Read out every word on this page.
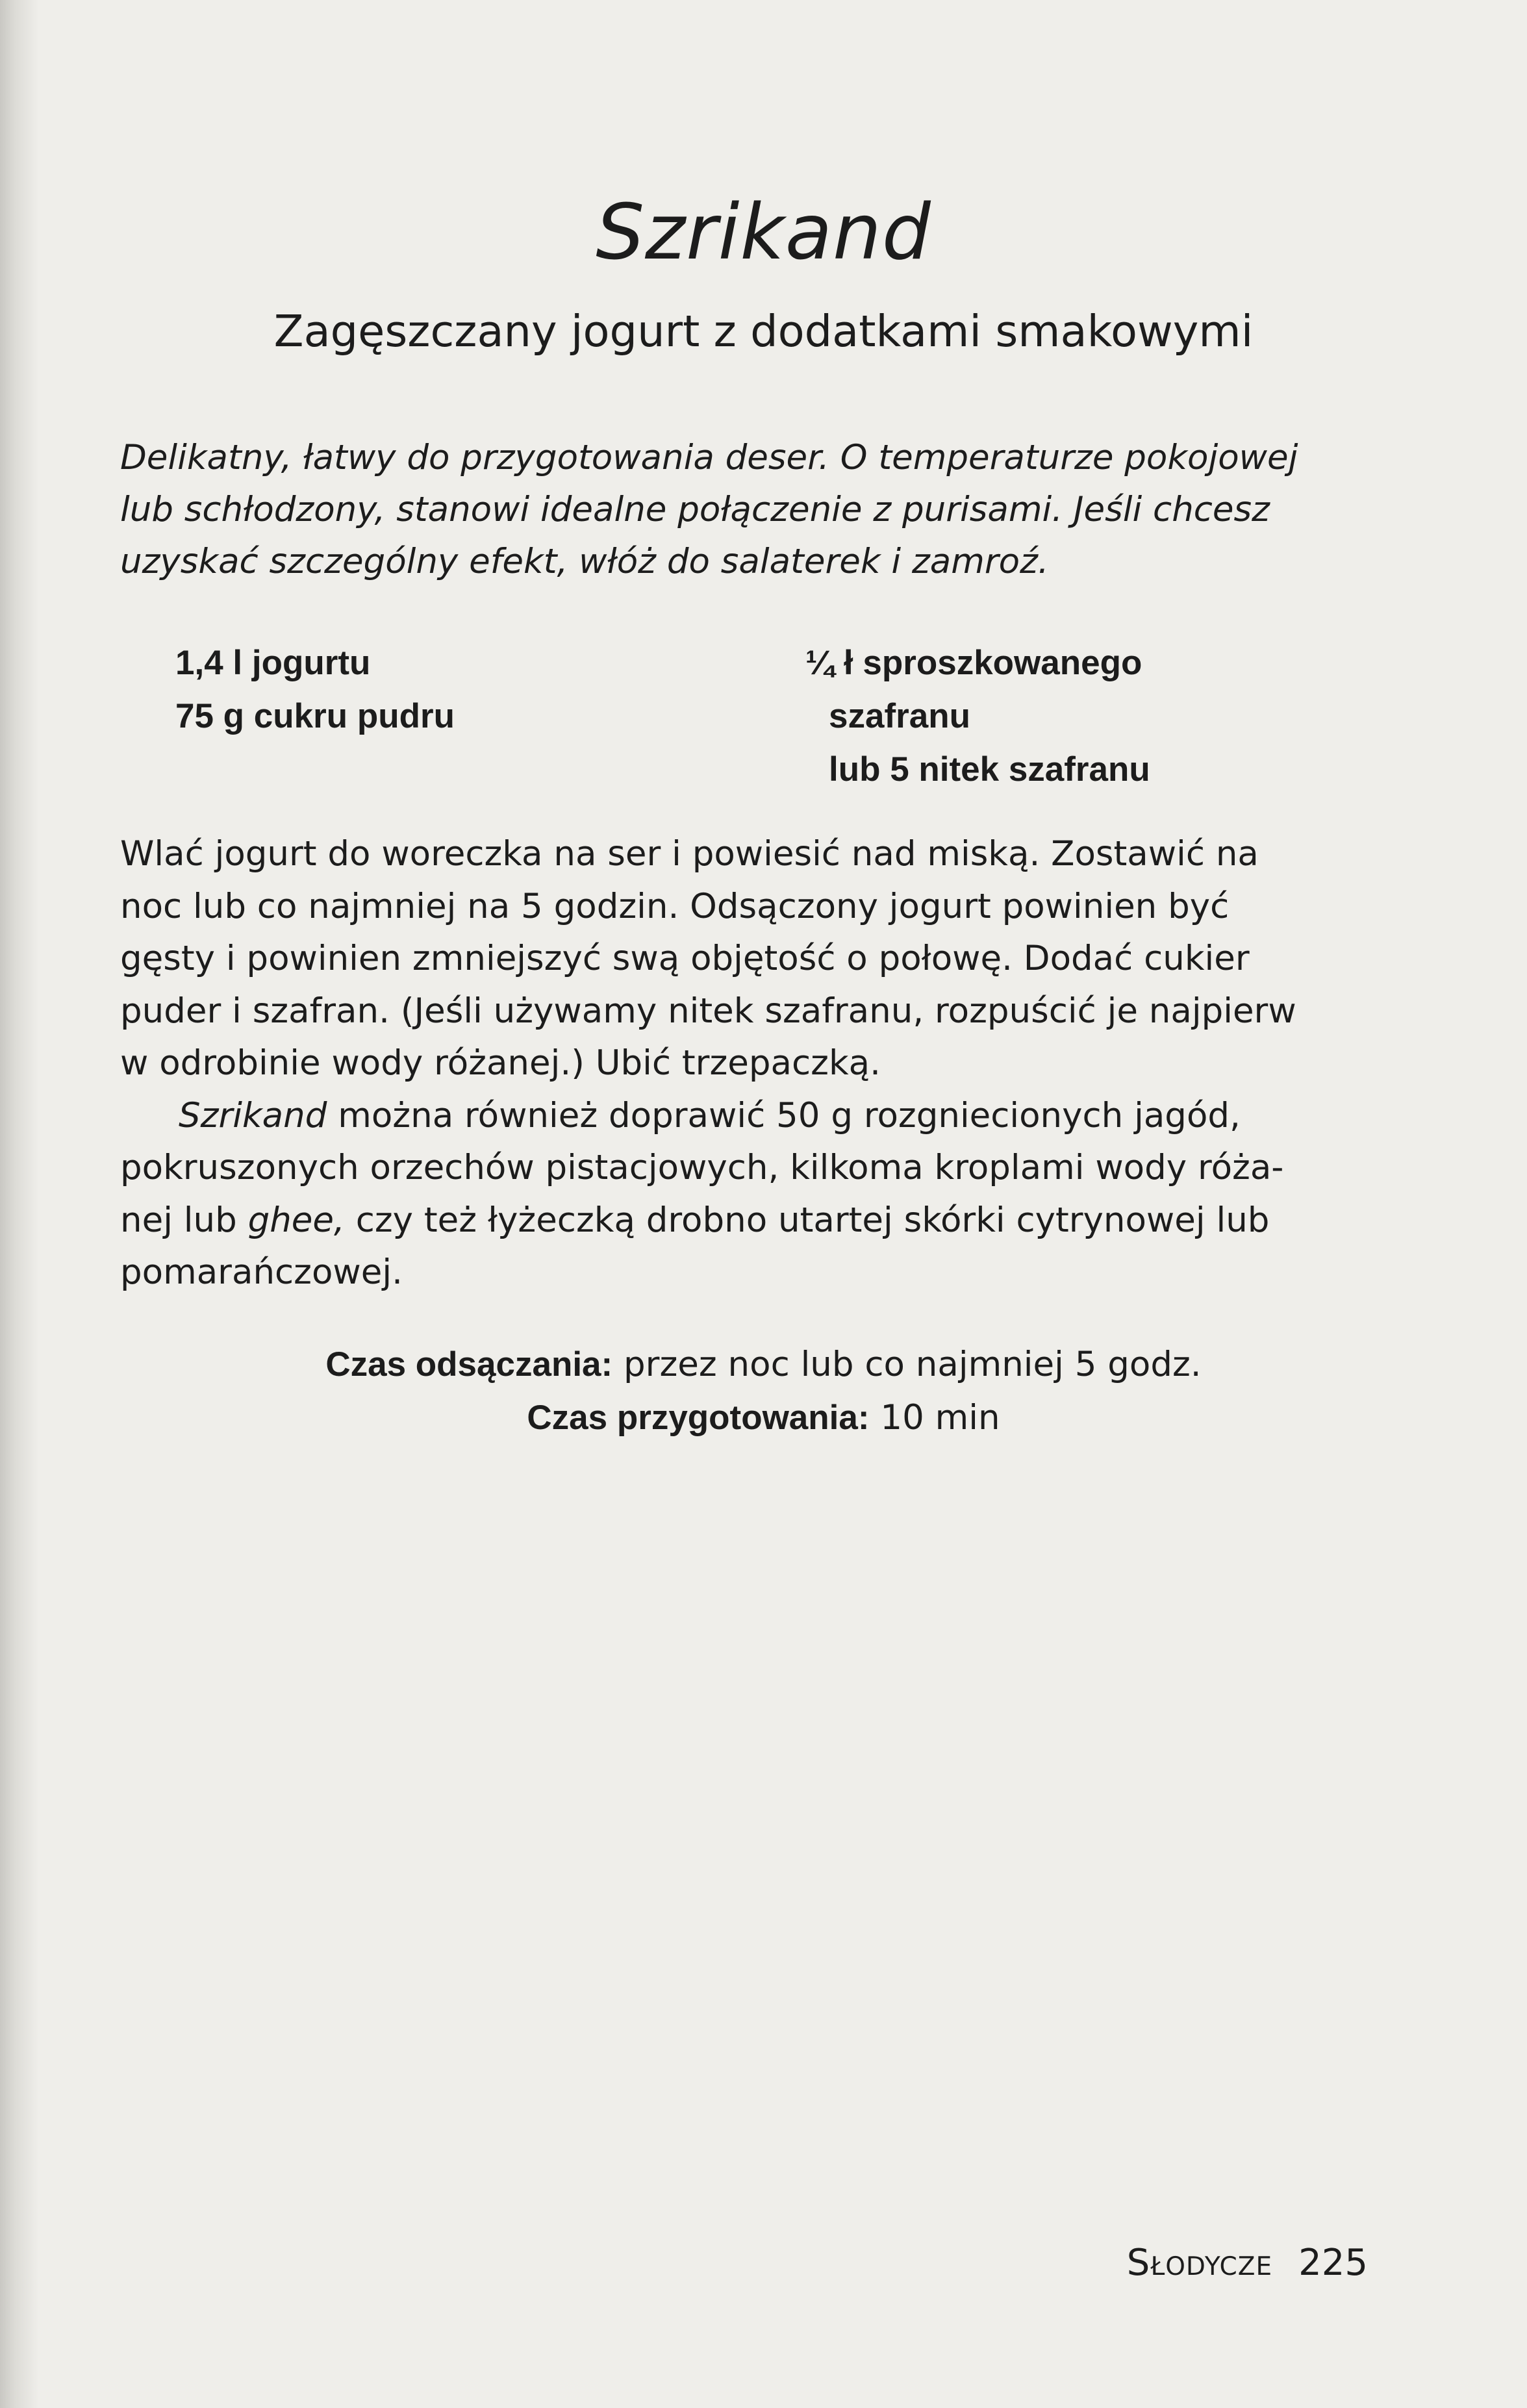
Szrikand
Zagęszczany jogurt z dodatkami smakowymi

Delikatny, łatwy do przygotowania deser. O temperaturze pokojowej
lub schłodzony, stanowi idealne połączenie z purisami. Jeśli chcesz
uzyskać szczególny efekt, włóż do salaterek i zamroź.

1,4 l jogurtu
75 g cukru pudru
¼ ł sproszkowanego
szafranu
lub 5 nitek szafranu
Wlać jogurt do woreczka na ser i powiesić nad miską. Zostawić na
noc lub co najmniej na 5 godzin. Odsączony jogurt powinien być
gęsty i powinien zmniejszyć swą objętość o połowę. Dodać cukier
puder i szafran. (Jeśli używamy nitek szafranu, rozpuścić je najpierw
w odrobinie wody różanej.) Ubić trzepaczką.
Szrikand można również doprawić 50 g rozgniecionych jagód,
pokruszonych orzechów pistacjowych, kilkoma kroplami wody róża-
nej lub ghee, czy też łyżeczką drobno utartej skórki cytrynowej lub
pomarańczowej.
Czas odsączania: przez noc lub co najmniej 5 godz.
Czas przygotowania: 10 min
Słodycze 225
